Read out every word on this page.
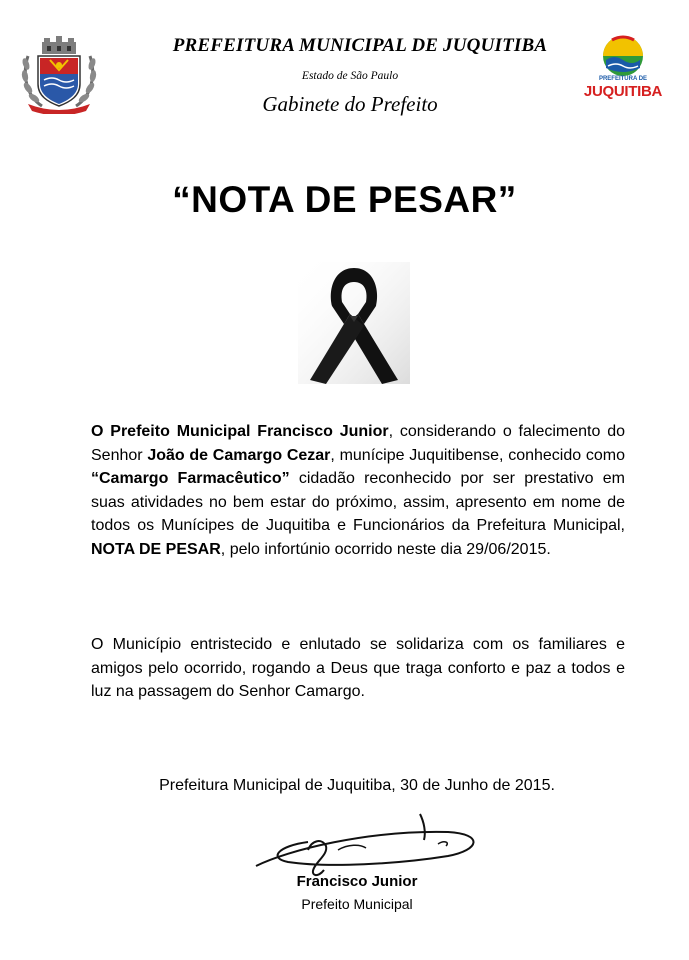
PREFEITURA MUNICIPAL DE JUQUITIBA
Estado de São Paulo
Gabinete do Prefeito
PREFEITURA DE
JUQUITIBA
“NOTA DE PESAR”
O Prefeito Municipal Francisco Junior, considerando o falecimento do Senhor João de Camargo Cezar, munícipe Juquitibense, conhecido como “Camargo Farmacêutico” cidadão reconhecido por ser prestativo em suas atividades no bem estar do próximo, assim, apresento em nome de todos os Munícipes de Juquitiba e Funcionários da Prefeitura Municipal, NOTA DE PESAR, pelo infortúnio ocorrido neste dia 29/06/2015.
O Município entristecido e enlutado se solidariza com os familiares e amigos pelo ocorrido, rogando a Deus que traga conforto e paz a todos e luz na passagem do Senhor Camargo.
Prefeitura Municipal de Juquitiba, 30 de Junho de 2015.
Francisco Junior
Prefeito Municipal
